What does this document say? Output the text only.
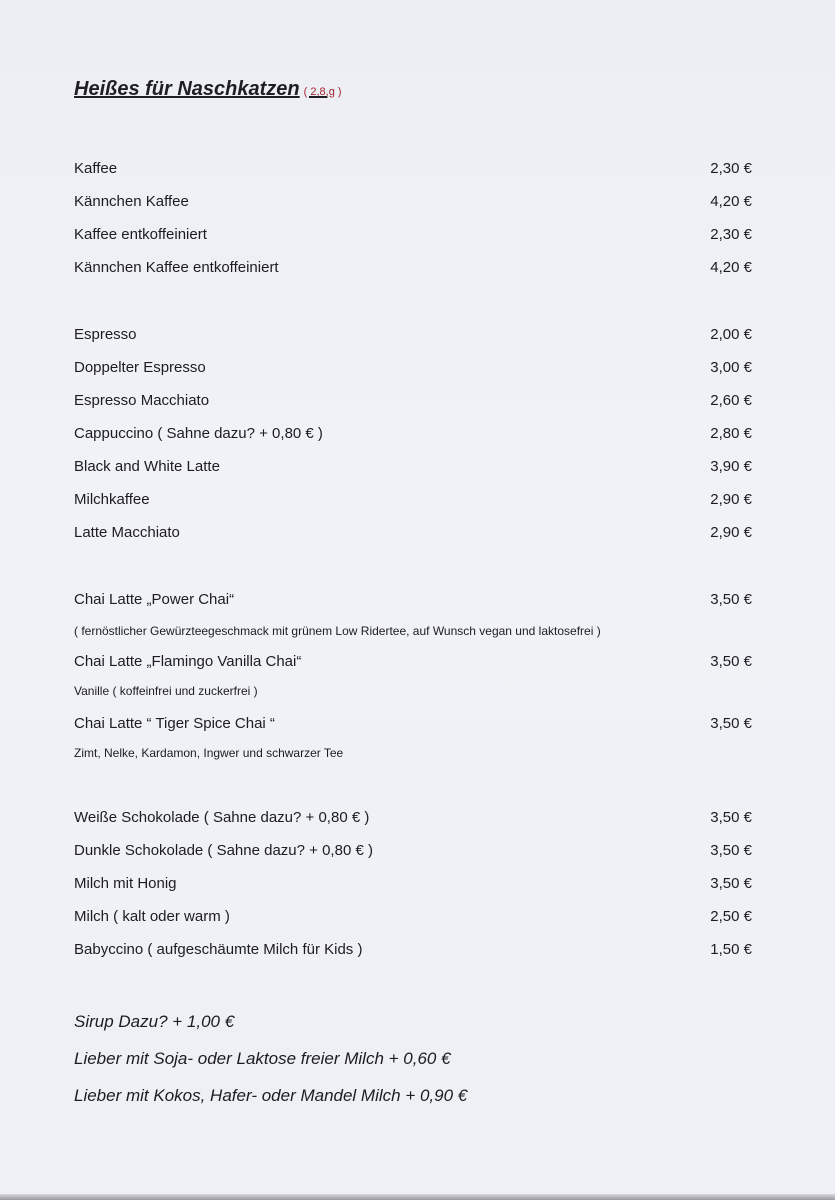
Heißes für Naschkatzen ( 2,8,g )
Kaffee	2,30 €
Kännchen Kaffee	4,20 €
Kaffee entkoffeiniert	2,30 €
Kännchen Kaffee entkoffeiniert	4,20 €
Espresso	2,00 €
Doppelter Espresso	3,00 €
Espresso Macchiato	2,60 €
Cappuccino ( Sahne dazu? + 0,80 € )	2,80 €
Black and White Latte	3,90 €
Milchkaffee	2,90 €
Latte Macchiato	2,90 €
Chai Latte „Power Chai“	3,50 €
( fernöstlicher Gewürzteegeschmack mit grünem Low Ridertee, auf Wunsch vegan und laktosefrei )
Chai Latte „Flamingo Vanilla Chai“	3,50 €
Vanille ( koffeinfrei und zuckerfrei )
Chai Latte “ Tiger Spice Chai “	3,50 €
Zimt, Nelke, Kardamon, Ingwer und schwarzer Tee
Weiße Schokolade ( Sahne dazu? + 0,80 € )	3,50 €
Dunkle Schokolade ( Sahne dazu? + 0,80 € )	3,50 €
Milch mit Honig	3,50 €
Milch ( kalt oder warm )	2,50 €
Babyccino ( aufgeschäumte Milch für Kids )	1,50 €
Sirup Dazu? + 1,00 €
Lieber mit Soja- oder Laktose freier Milch + 0,60 €
Lieber mit Kokos, Hafer- oder Mandel Milch + 0,90 €
